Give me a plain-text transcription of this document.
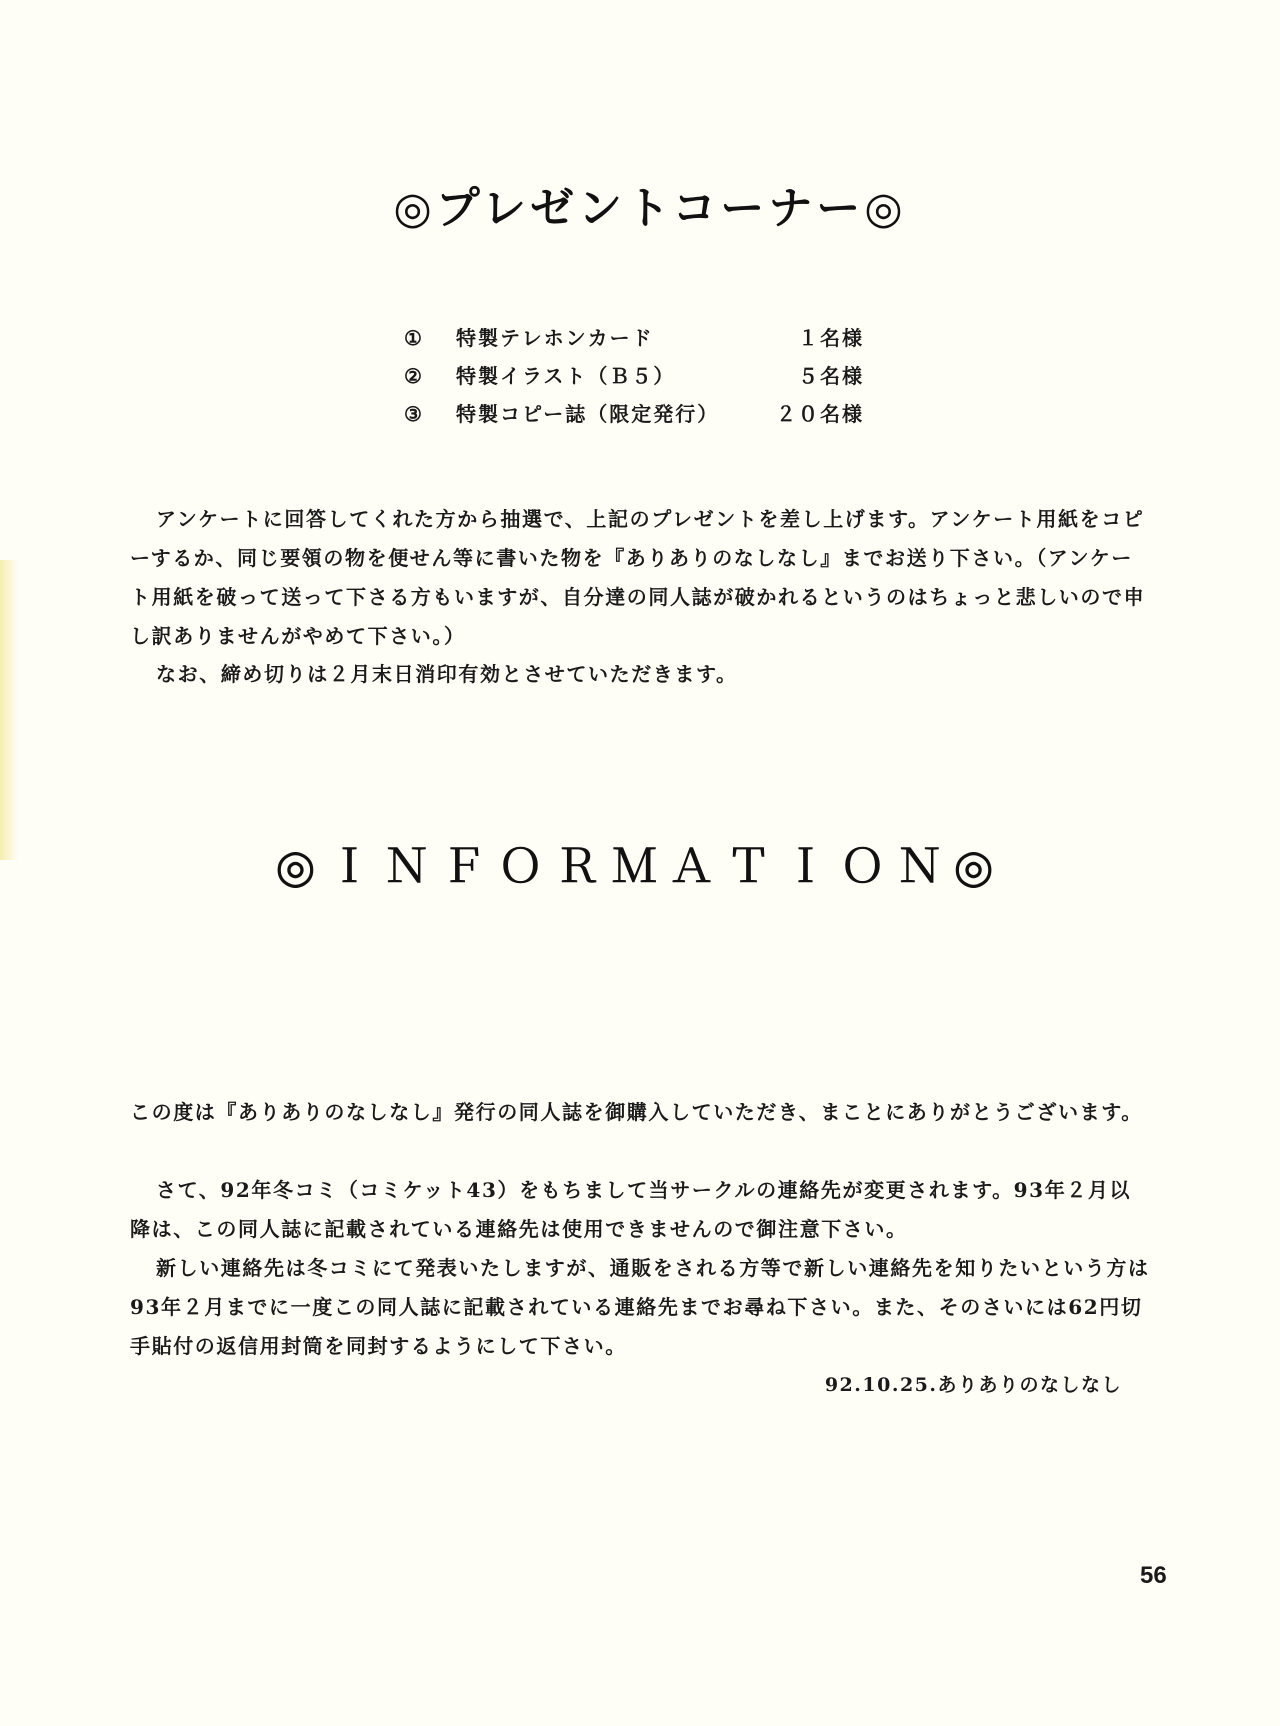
◎プレゼントコーナー◎
①	特製テレホンカード	１名様
②	特製イラスト（Ｂ５）	５名様
③	特製コピー誌（限定発行）	２０名様

アンケートに回答してくれた方から抽選で、上記のプレゼントを差し上げます。アンケート用紙をコピーするか、同じ要領の物を便せん等に書いた物を『ありありのなしなし』までお送り下さい。（アンケート用紙を破って送って下さる方もいますが、自分達の同人誌が破かれるというのはちょっと悲しいので申し訳ありませんがやめて下さい。）

なお、締め切りは２月末日消印有効とさせていただきます。

◎ＩＮＦＯＲＭＡＴＩＯＮ◎

この度は『ありありのなしなし』発行の同人誌を御購入していただき、まことにありがとうございます。

さて、92年冬コミ（コミケット43）をもちまして当サークルの連絡先が変更されます。93年２月以降は、この同人誌に記載されている連絡先は使用できませんので御注意下さい。

新しい連絡先は冬コミにて発表いたしますが、通販をされる方等で新しい連絡先を知りたいという方は93年２月までに一度この同人誌に記載されている連絡先までお尋ね下さい。また、そのさいには62円切手貼付の返信用封筒を同封するようにして下さい。

92.10.25.ありありのなしなし
56
